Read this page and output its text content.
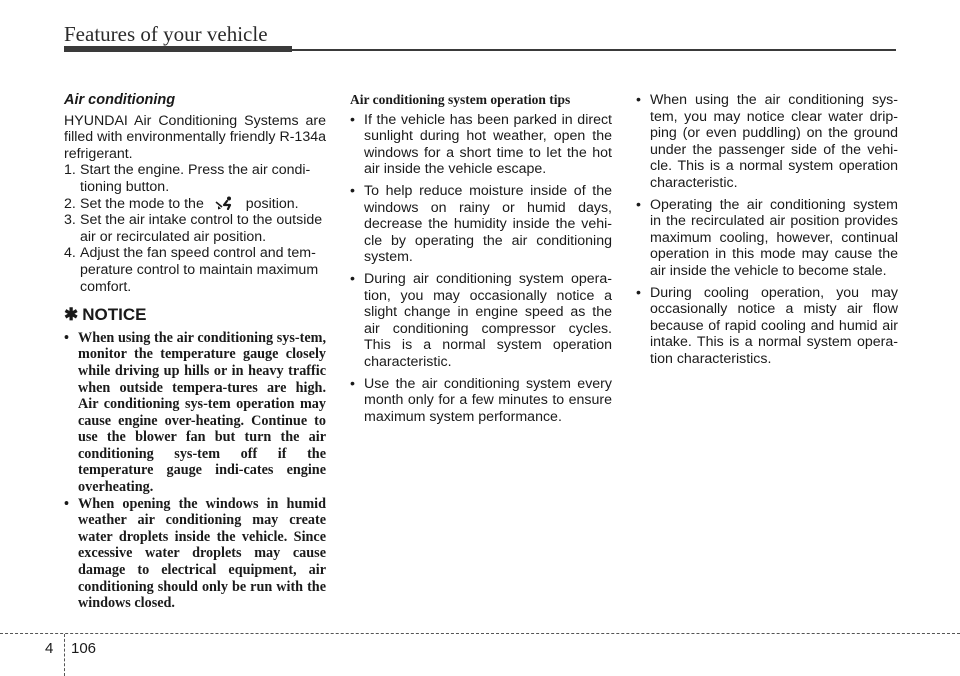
Features of your vehicle
Air conditioning

HYUNDAI Air Conditioning Systems are filled with environmentally friendly R-134a refrigerant.

1. Start the engine. Press the air condi-tioning button.
2. Set the mode to the	position.
3. Set the air intake control to the outside air or recirculated air position.
4. Adjust the fan speed control and tem-perature control to maintain maximum comfort.
✱ NOTICE
• When using the air conditioning sys-tem, monitor the temperature gauge closely while driving up hills or in heavy traffic when outside tempera-tures are high. Air conditioning sys-tem operation may cause engine over-heating. Continue to use the blower fan but turn the air conditioning sys-tem off if the temperature gauge indi-cates engine overheating.
• When opening the windows in humid weather air conditioning may create water droplets inside the vehicle. Since excessive water droplets may cause damage to electrical equipment, air conditioning should only be run with the windows closed.
Air conditioning system operation tips
• If the vehicle has been parked in direct sunlight during hot weather, open the windows for a short time to let the hot air inside the vehicle escape.
• To help reduce moisture inside of the windows on rainy or humid days, decrease the humidity inside the vehi-cle by operating the air conditioning system.
• During air conditioning system opera-tion, you may occasionally notice a slight change in engine speed as the air conditioning compressor cycles. This is a normal system operation characteristic.
• Use the air conditioning system every month only for a few minutes to ensure maximum system performance.
• When using the air conditioning sys-tem, you may notice clear water drip-ping (or even puddling) on the ground under the passenger side of the vehi-cle. This is a normal system operation characteristic.
• Operating the air conditioning system in the recirculated air position provides maximum cooling, however, continual operation in this mode may cause the air inside the vehicle to become stale.
• During cooling operation, you may occasionally notice a misty air flow because of rapid cooling and humid air intake. This is a normal system opera-tion characteristics.
4 106
